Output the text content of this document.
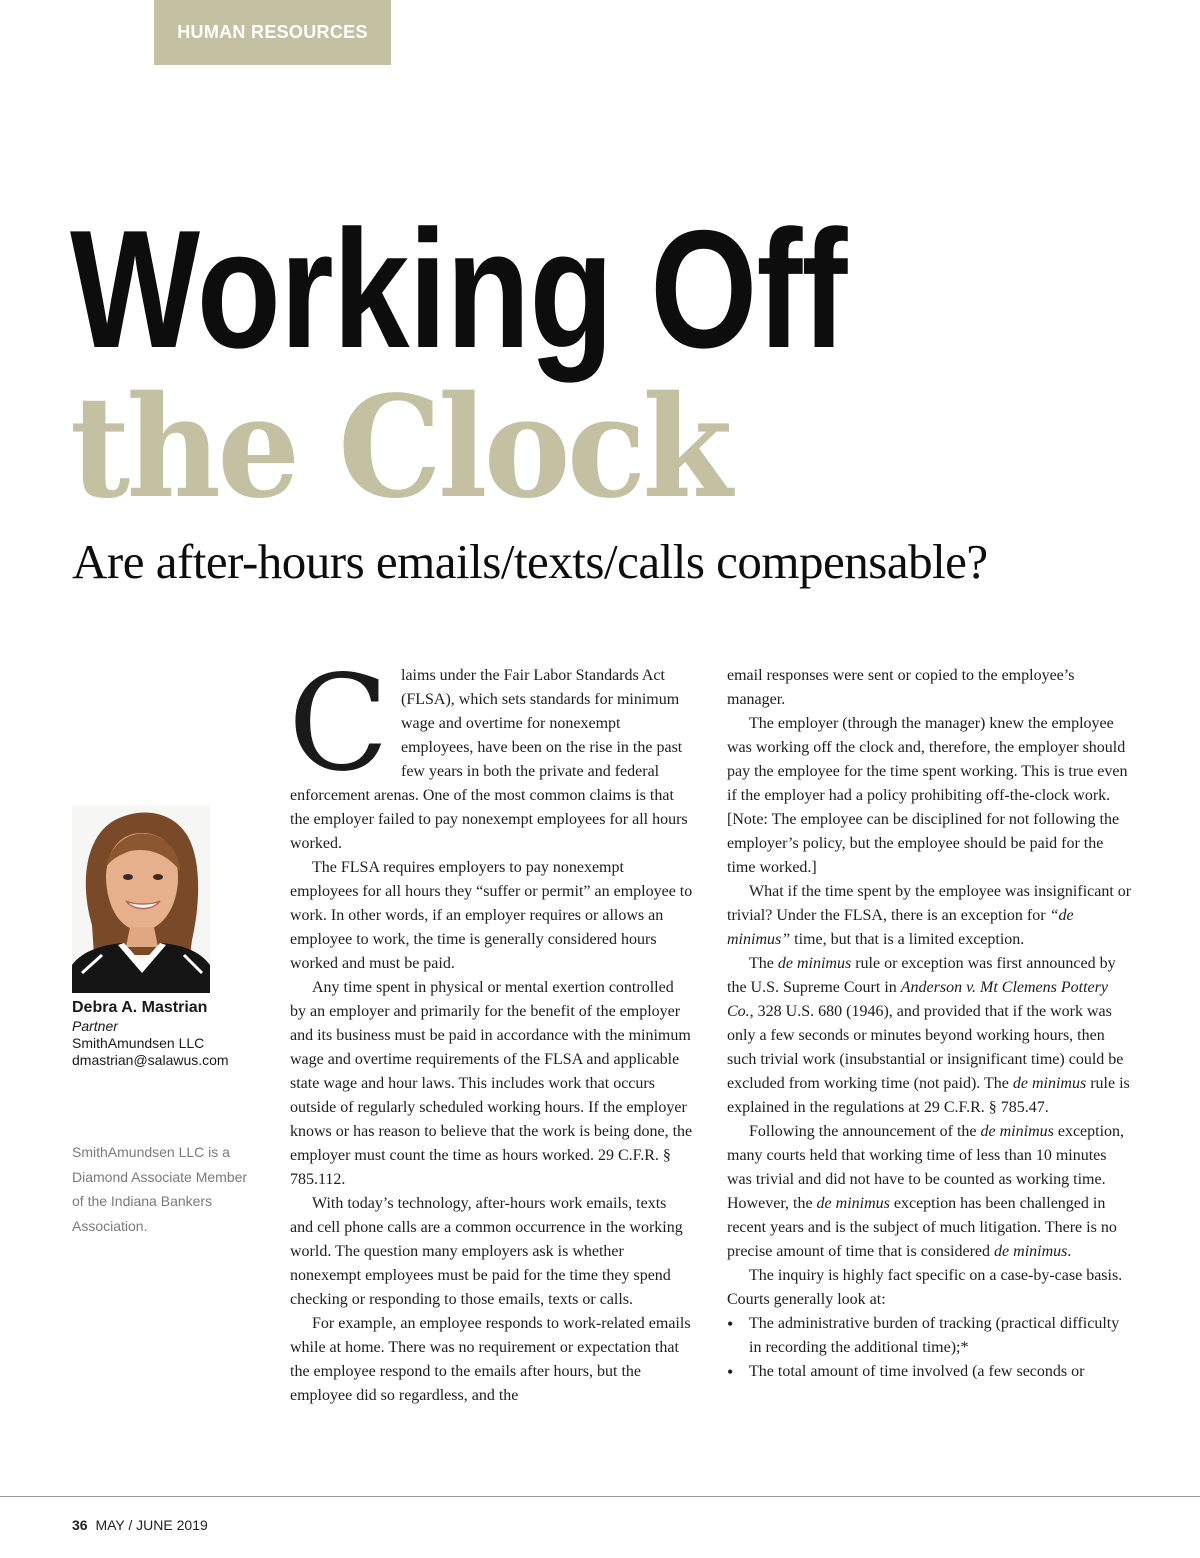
HUMAN RESOURCES
Working Off
the Clock
Are after-hours emails/texts/calls compensable?
Debra A. Mastrian
Partner
SmithAmundsen LLC
dmastrian@salawus.com
SmithAmundsen LLC is a Diamond Associate Member of the Indiana Bankers Association.

Claims under the Fair Labor Standards Act (FLSA), which sets standards for minimum wage and overtime for nonexempt employees, have been on the rise in the past few years in both the private and federal enforcement arenas. One of the most common claims is that the employer failed to pay nonexempt employees for all hours worked.

The FLSA requires employers to pay nonexempt employees for all hours they “suffer or permit” an employee to work. In other words, if an employer requires or allows an employee to work, the time is generally considered hours worked and must be paid.

Any time spent in physical or mental exertion controlled by an employer and primarily for the benefit of the employer and its business must be paid in accordance with the minimum wage and overtime requirements of the FLSA and applicable state wage and hour laws. This includes work that occurs outside of regularly scheduled working hours. If the employer knows or has reason to believe that the work is being done, the employer must count the time as hours worked. 29 C.F.R. § 785.112.

With today’s technology, after-hours work emails, texts and cell phone calls are a common occurrence in the working world. The question many employers ask is whether nonexempt employees must be paid for the time they spend checking or responding to those emails, texts or calls.

For example, an employee responds to work-related emails while at home. There was no requirement or expectation that the employee respond to the emails after hours, but the employee did so regardless, and the

email responses were sent or copied to the employee’s manager.

The employer (through the manager) knew the employee was working off the clock and, therefore, the employer should pay the employee for the time spent working. This is true even if the employer had a policy prohibiting off-the-clock work. [Note: The employee can be disciplined for not following the employer’s policy, but the employee should be paid for the time worked.]

What if the time spent by the employee was insignificant or trivial? Under the FLSA, there is an exception for “de minimus” time, but that is a limited exception.

The de minimus rule or exception was first announced by the U.S. Supreme Court in Anderson v. Mt Clemens Pottery Co., 328 U.S. 680 (1946), and provided that if the work was only a few seconds or minutes beyond working hours, then such trivial work (insubstantial or insignificant time) could be excluded from working time (not paid). The de minimus rule is explained in the regulations at 29 C.F.R. § 785.47.

Following the announcement of the de minimus exception, many courts held that working time of less than 10 minutes was trivial and did not have to be counted as working time. However, the de minimus exception has been challenged in recent years and is the subject of much litigation. There is no precise amount of time that is considered de minimus.

The inquiry is highly fact specific on a case-by-case basis. Courts generally look at:

• The administrative burden of tracking (practical difficulty in recording the additional time);*
• The total amount of time involved (a few seconds or
36 MAY / JUNE 2019
